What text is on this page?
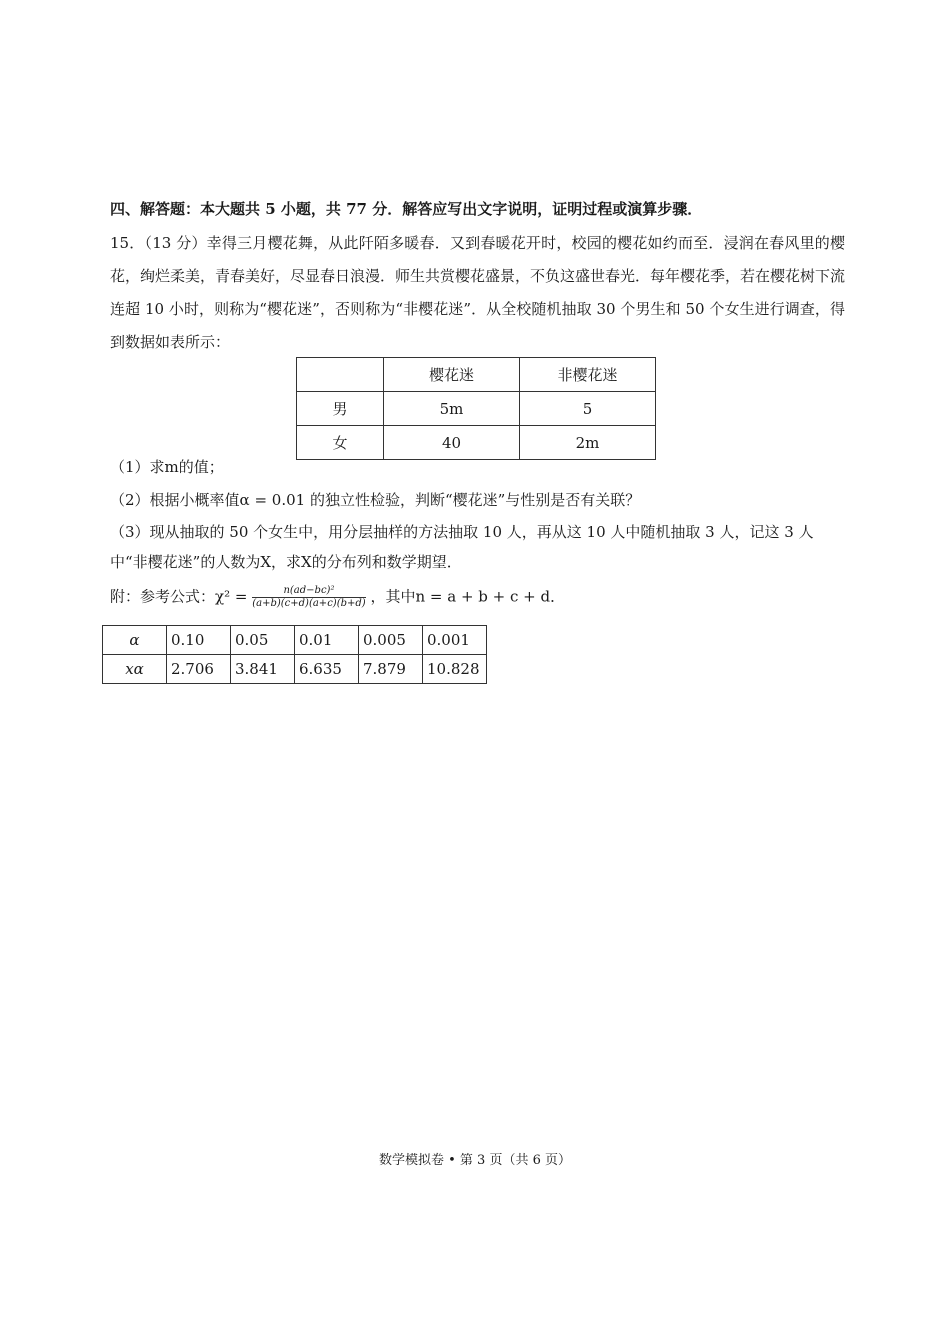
四、解答题：本大题共 5 小题，共 77 分．解答应写出文字说明，证明过程或演算步骤．
15．（13 分）幸得三月樱花舞，从此阡陌多暖春．又到春暖花开时，校园的樱花如约而至．浸润在春风里的樱花，绚烂柔美，青春美好，尽显春日浪漫．师生共赏樱花盛景，不负这盛世春光．每年樱花季，若在樱花树下流连超 10 小时，则称为“樱花迷”，否则称为“非樱花迷”．从全校随机抽取 30 个男生和 50 个女生进行调查，得到数据如表所示：
	樱花迷	非樱花迷
男	5m	5
女	40	2m
（1）求m的值；
（2）根据小概率值α = 0.01 的独立性检验，判断“樱花迷”与性别是否有关联？
（3）现从抽取的 50 个女生中，用分层抽样的方法抽取 10 人，再从这 10 人中随机抽取 3 人，记这 3 人
中“非樱花迷”的人数为X，求X的分布列和数学期望．
附：参考公式：$\chi^2 = \frac{\text{n(ad−bc)²}}{(a+b)(c+d)(a+c)(b+d)}$ ，其中n = a + b + c + d．
α	0.10	0.05	0.01	0.005	0.001
xα	2.706	3.841	6.635	7.879	10.828
数学模拟卷 • 第 3 页（共 6 页）
